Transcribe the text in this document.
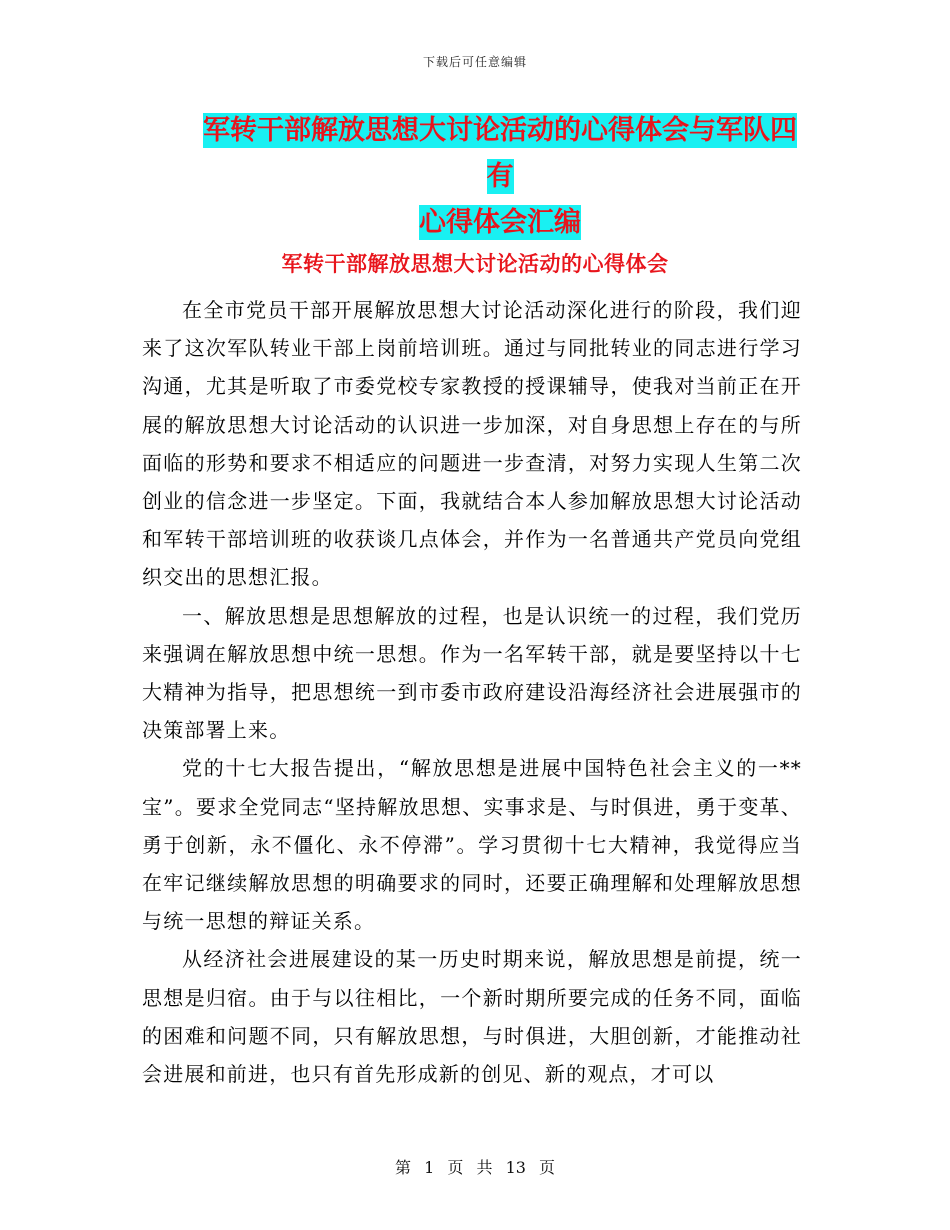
下载后可任意编辑
军转干部解放思想大讨论活动的心得体会与军队四有
心得体会汇编
军转干部解放思想大讨论活动的心得体会

在全市党员干部开展解放思想大讨论活动深化进行的阶段，我们迎来了这次军队转业干部上岗前培训班。通过与同批转业的同志进行学习沟通，尤其是听取了市委党校专家教授的授课辅导，使我对当前正在开展的解放思想大讨论活动的认识进一步加深，对自身思想上存在的与所面临的形势和要求不相适应的问题进一步查清，对努力实现人生第二次创业的信念进一步坚定。下面，我就结合本人参加解放思想大讨论活动和军转干部培训班的收获谈几点体会，并作为一名普通共产党员向党组织交出的思想汇报。

一、解放思想是思想解放的过程，也是认识统一的过程，我们党历来强调在解放思想中统一思想。作为一名军转干部，就是要坚持以十七大精神为指导，把思想统一到市委市政府建设沿海经济社会进展强市的决策部署上来。

党的十七大报告提出，“解放思想是进展中国特色社会主义的一**宝”。要求全党同志“坚持解放思想、实事求是、与时俱进，勇于变革、勇于创新，永不僵化、永不停滞”。学习贯彻十七大精神，我觉得应当在牢记继续解放思想的明确要求的同时，还要正确理解和处理解放思想与统一思想的辩证关系。

从经济社会进展建设的某一历史时期来说，解放思想是前提，统一思想是归宿。由于与以往相比，一个新时期所要完成的任务不同，面临的困难和问题不同，只有解放思想，与时俱进，大胆创新，才能推动社会进展和前进，也只有首先形成新的创见、新的观点，才可以

第 1 页 共 13 页
